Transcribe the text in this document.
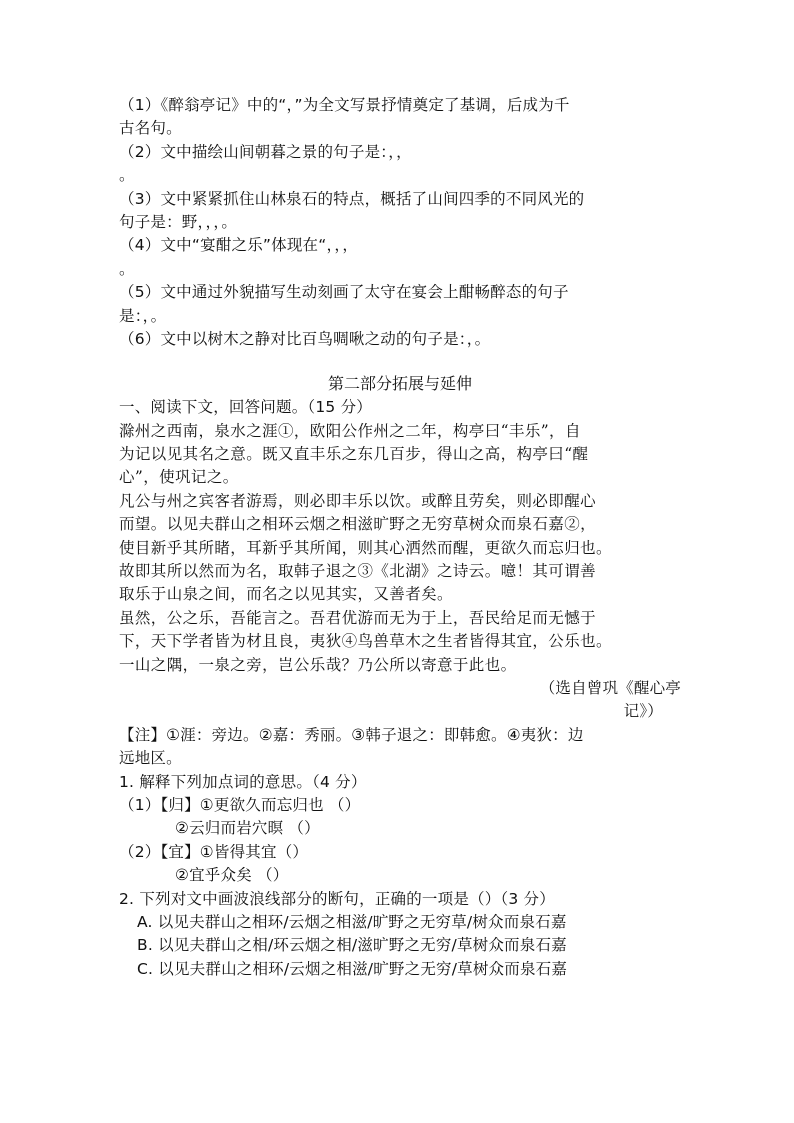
（1）《醉翁亭记》中的“，”为全文写景抒情奠定了基调，后成为千
古名句。
（2）文中描绘山间朝暮之景的句子是：，，
。
（3）文中紧紧抓住山林泉石的特点，概括了山间四季的不同风光的
句子是：野，，，。
（4）文中“宴酣之乐”体现在“，，，
。
（5）文中通过外貌描写生动刻画了太守在宴会上酣畅醉态的句子
是：，。
（6）文中以树木之静对比百鸟啁啾之动的句子是：，。
第二部分拓展与延伸
一、阅读下文，回答问题。（15 分）
滁州之西南，泉水之涯①，欧阳公作州之二年，构亭曰“丰乐”，自
为记以见其名之意。既又直丰乐之东几百步，得山之高，构亭曰“醒
心”，使巩记之。
凡公与州之宾客者游焉，则必即丰乐以饮。或醉且劳矣，则必即醒心
而望。以见夫群山之相环云烟之相滋旷野之无穷草树众而泉石嘉②，
使目新乎其所睹，耳新乎其所闻，则其心洒然而醒，更欲久而忘归也。
故即其所以然而为名，取韩子退之③《北湖》之诗云。噫！其可谓善
取乐于山泉之间，而名之以见其实，又善者矣。
虽然，公之乐，吾能言之。吾君优游而无为于上，吾民给足而无憾于
下，天下学者皆为材且良，夷狄④鸟兽草木之生者皆得其宜，公乐也。
一山之隅，一泉之旁，岂公乐哉？乃公所以寄意于此也。
（选自曾巩《醒心亭
记》）
【注】①涯：旁边。②嘉：秀丽。③韩子退之：即韩愈。④夷狄：边
远地区。
1. 解释下列加点词的意思。（4 分）
（1）【归】①更欲久而忘归也 （）
②云归而岩穴暝 （）
（2）【宜】①皆得其宜（）
②宜乎众矣 （）
2. 下列对文中画波浪线部分的断句，正确的一项是（）（3 分）
A. 以见夫群山之相环/云烟之相滋/旷野之无穷草/树众而泉石嘉
B. 以见夫群山之相/环云烟之相/滋旷野之无穷/草树众而泉石嘉
C. 以见夫群山之相环/云烟之相滋/旷野之无穷/草树众而泉石嘉
